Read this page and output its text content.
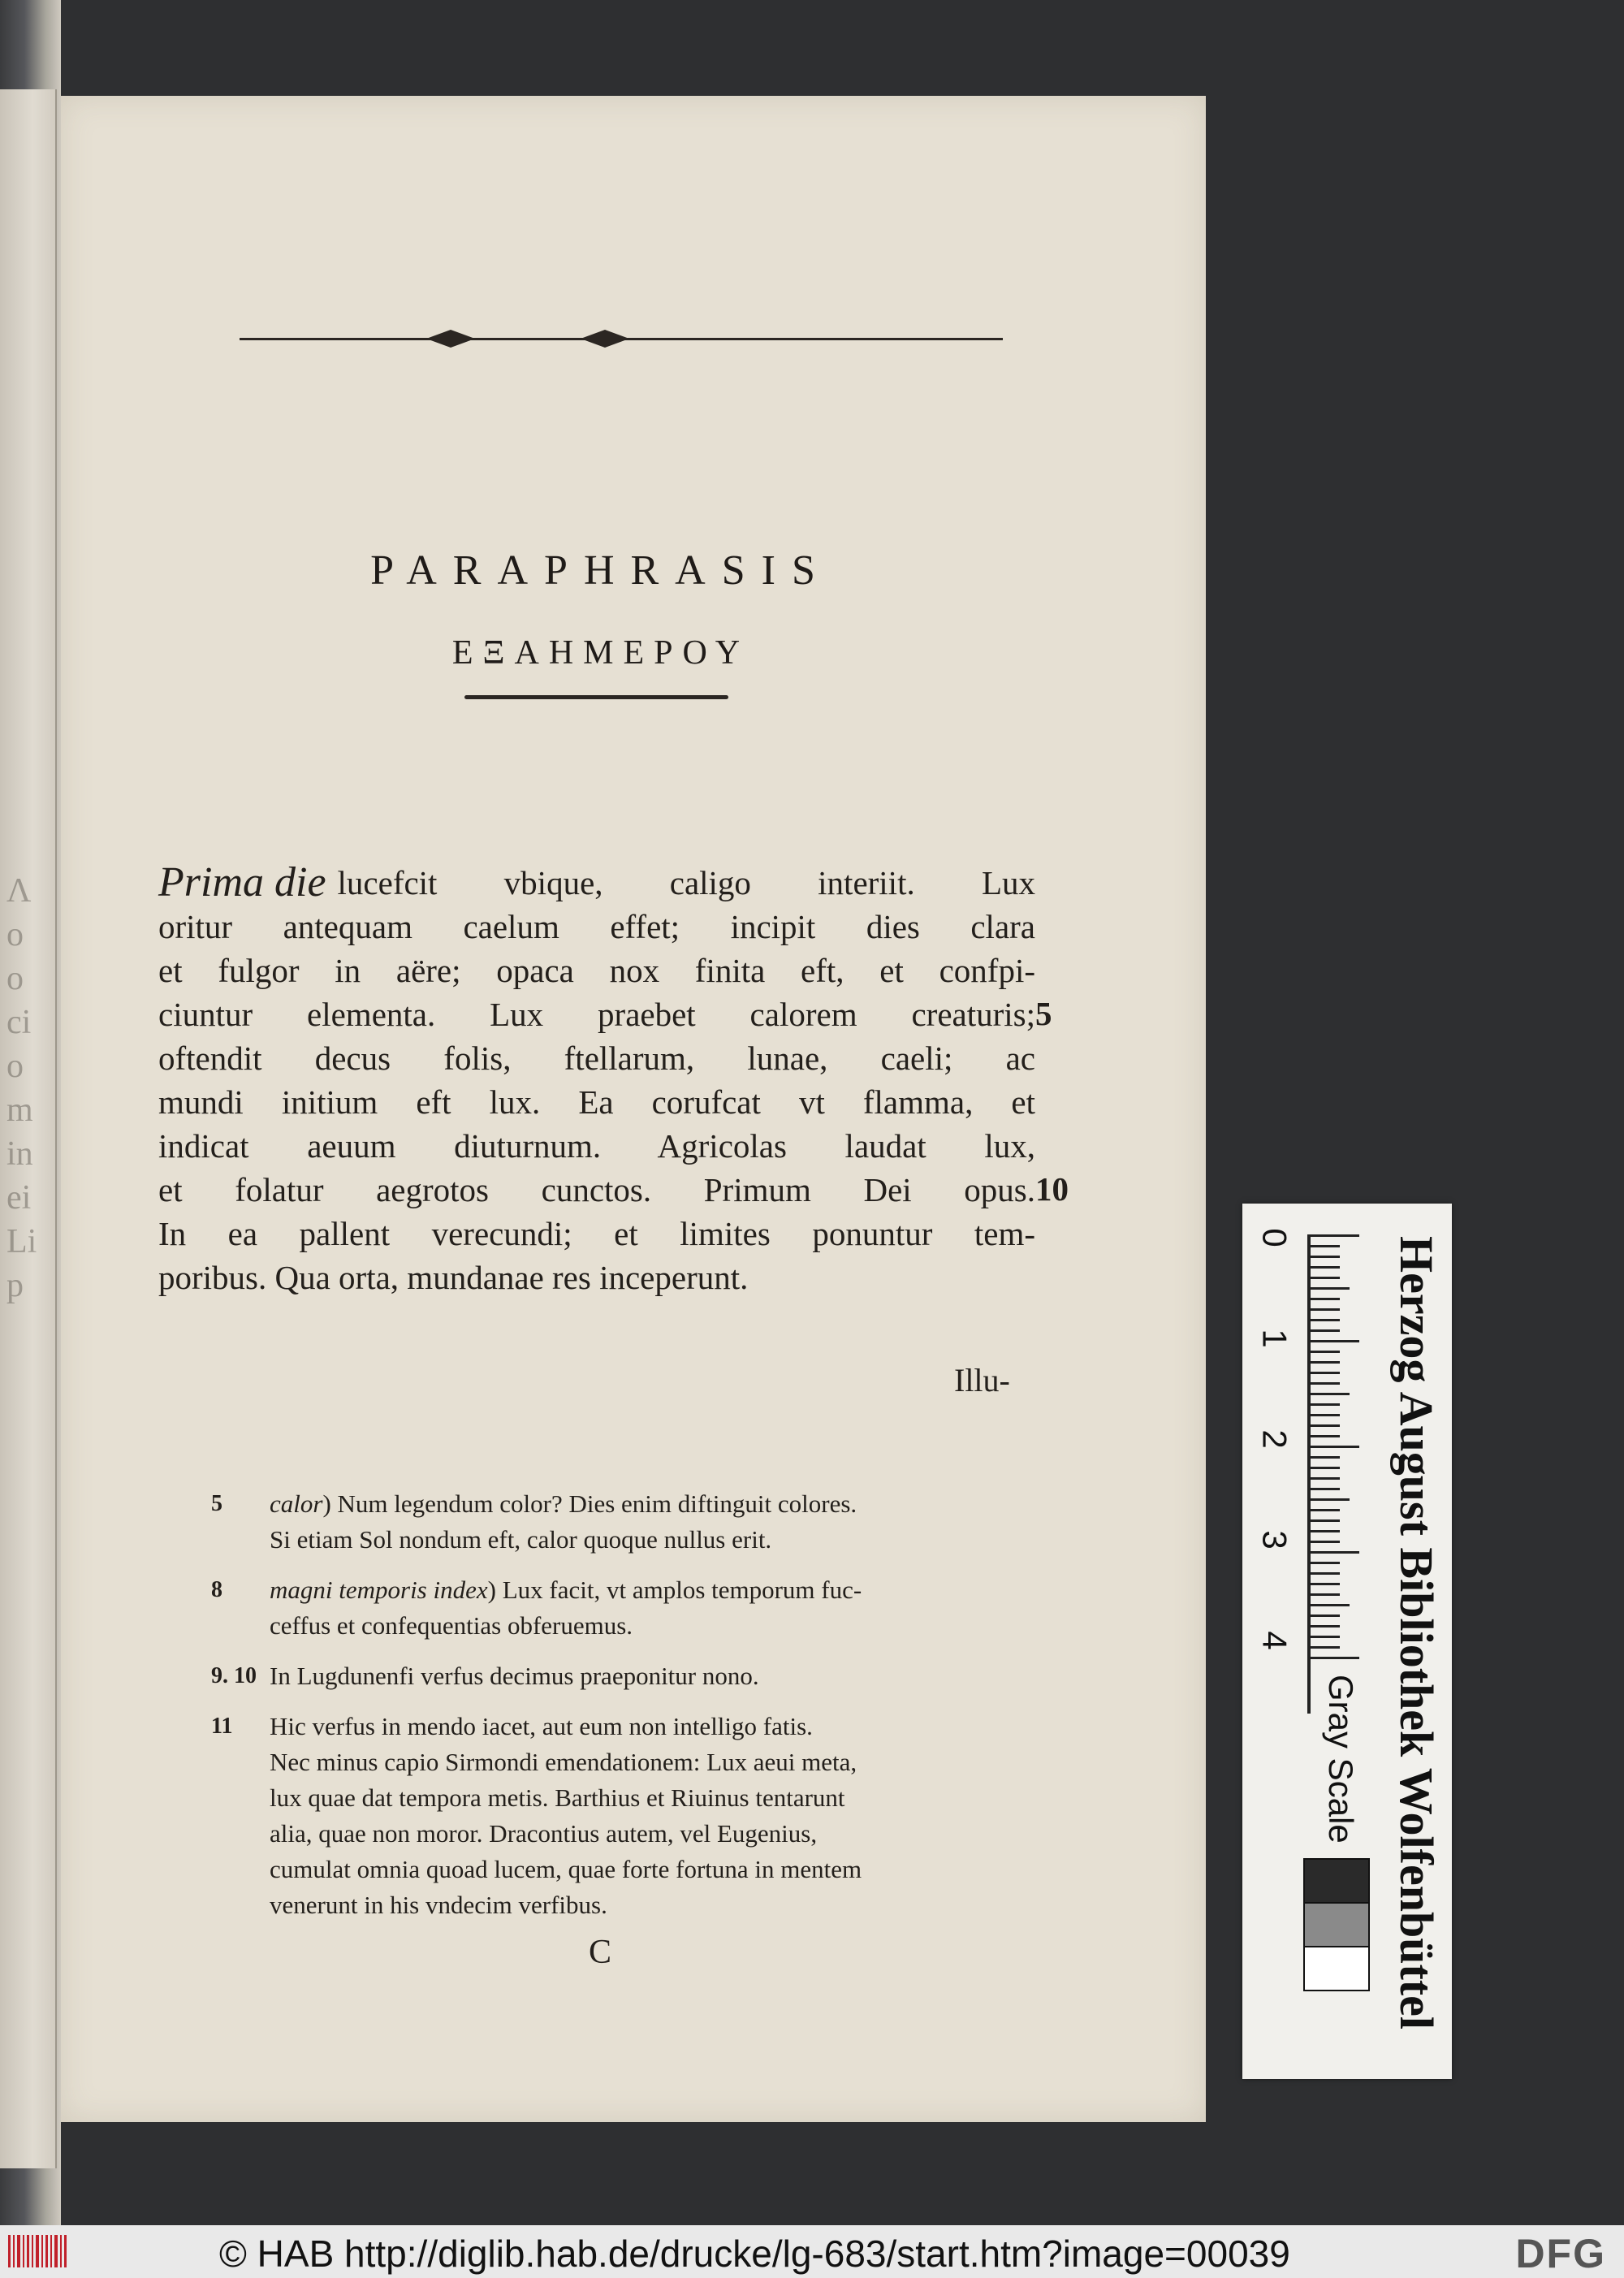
Λ
o
o
ci
o
m
in
ei
Li
p
PARAPHRASIS
ΕΞΑΗΜΕΡΟΥ
Prima die lucefcit vbique, caligo interiit. Lux
oritur antequam caelum effet; incipit dies clara
et fulgor in aëre; opaca nox finita eft, et confpi-
ciuntur elementa. Lux praebet calorem creaturis;
oftendit decus folis, ftellarum, lunae, caeli; ac
mundi initium eft lux. Ea corufcat vt flamma, et
indicat aeuum diuturnum. Agricolas laudat lux,
et folatur aegrotos cunctos. Primum Dei opus.
In ea pallent verecundi; et limites ponuntur tem-
poribus. Qua orta, mundanae res inceperunt.
5
10
Illu-
5 calor) Num legendum color? Dies enim diftinguit colores.
Si etiam Sol nondum eft, calor quoque nullus erit.
8 magni temporis index) Lux facit, vt amplos temporum fuc-
ceffus et confequentias obferuemus.
9. 10 In Lugdunenfi verfus decimus praeponitur nono.
11 Hic verfus in mendo iacet, aut eum non intelligo fatis.
Nec minus capio Sirmondi emendationem: Lux aeui meta,
lux quae dat tempora metis. Barthius et Riuinus tentarunt
alia, quae non moror. Dracontius autem, vel Eugenius,
cumulat omnia quoad lucem, quae forte fortuna in mentem
venerunt in his vndecim verfibus.
C	Herzog August Bibliothek Wolfenbüttel
Gray Scale
0
1
2
3
4
© HAB http://diglib.hab.de/drucke/lg-683/start.htm?image=00039	DFG
